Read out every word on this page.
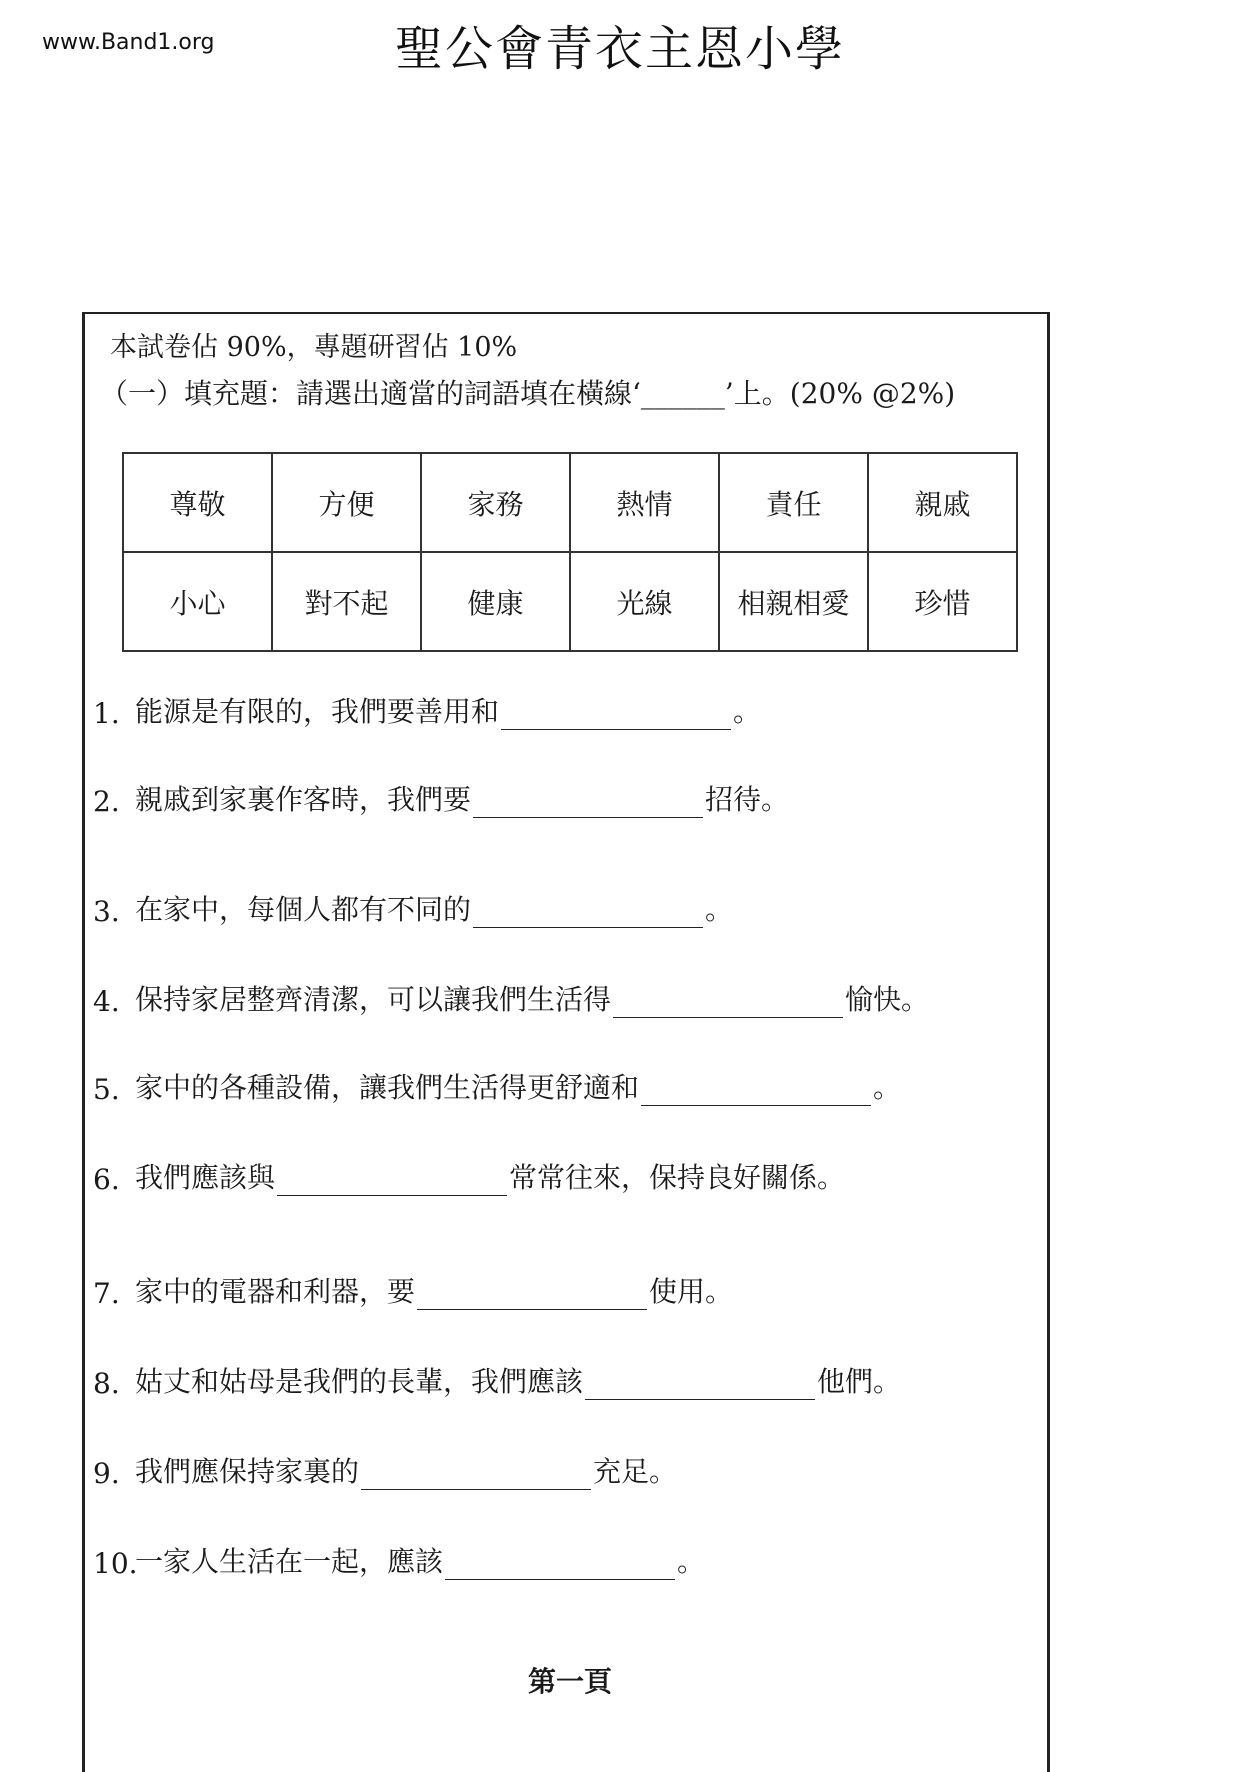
www.Band1.org	聖公會青衣主恩小學
本試卷佔 90%，專題研習佔 10%
（一）填充題：請選出適當的詞語填在橫線‘______’上。(20% @2%)
尊敬	方便	家務	熱情	責任	親戚
小心	對不起	健康	光線	相親相愛	珍惜
1. 能源是有限的，我們要善用和	。
2. 親戚到家裏作客時，我們要	招待。
3. 在家中，每個人都有不同的	。
4. 保持家居整齊清潔，可以讓我們生活得	愉快。
5. 家中的各種設備，讓我們生活得更舒適和	。
6. 我們應該與	常常往來，保持良好關係。
7. 家中的電器和利器，要	使用。
8. 姑丈和姑母是我們的長輩，我們應該	他們。
9. 我們應保持家裏的	充足。
10.
一家人生活在一起，應該	。
第一頁
